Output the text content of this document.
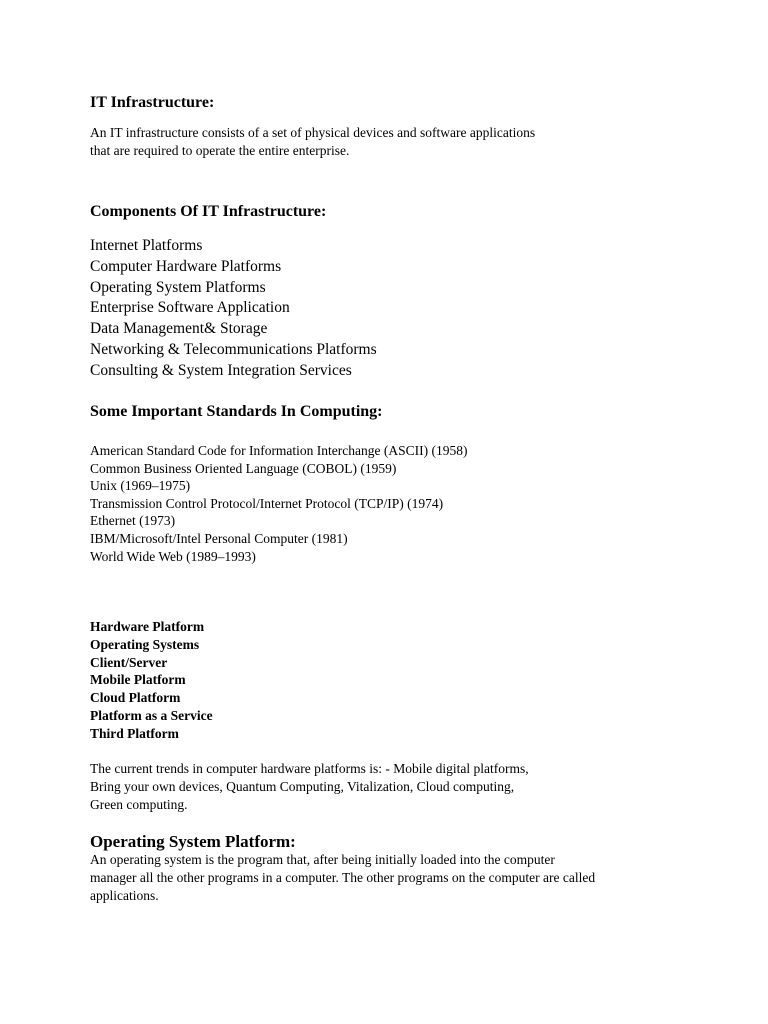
IT Infrastructure:
An IT infrastructure consists of a set of physical devices and software applications
that are required to operate the entire enterprise.
Components Of IT Infrastructure:
Internet Platforms
Computer Hardware Platforms
Operating System Platforms
Enterprise Software Application
Data Management& Storage
Networking & Telecommunications Platforms
Consulting & System Integration Services
Some Important Standards In Computing:
American Standard Code for Information Interchange (ASCII) (1958)
Common Business Oriented Language (COBOL) (1959)
Unix (1969–1975)
Transmission Control Protocol/Internet Protocol (TCP/IP) (1974)
Ethernet (1973)
IBM/Microsoft/Intel Personal Computer (1981)
World Wide Web (1989–1993)
Hardware Platform
Operating Systems
Client/Server
Mobile Platform
Cloud Platform
Platform as a Service
Third Platform
The current trends in computer hardware platforms is: - Mobile digital platforms,
Bring your own devices, Quantum Computing, Vitalization, Cloud computing,
Green computing.
Operating System Platform:
An operating system is the program that, after being initially loaded into the computer
manager all the other programs in a computer. The other programs on the computer are called
applications.
